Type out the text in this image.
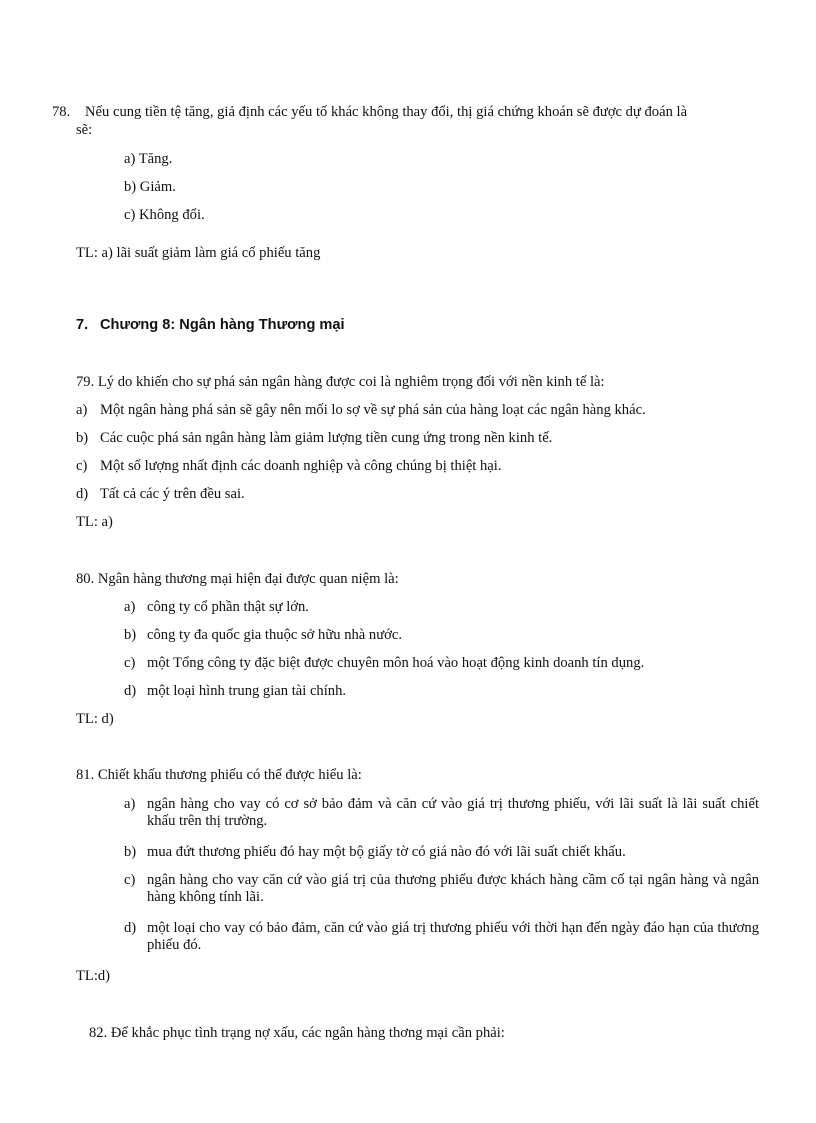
78. Nếu cung tiền tệ tăng, giả định các yếu tố khác không thay đổi, thị giá chứng khoán sẽ được dự đoán là
sẽ:
a) Tăng.
b) Giảm.
c) Không đổi.
TL: a) lãi suất giảm làm giá cổ phiếu tăng
7. Chương 8: Ngân hàng Thương mại
79. Lý do khiến cho sự phá sản ngân hàng được coi là nghiêm trọng đối với nền kinh tế là:
a) Một ngân hàng phá sản sẽ gây nên mối lo sợ về sự phá sản của hàng loạt các ngân hàng khác.
b) Các cuộc phá sản ngân hàng làm giảm lượng tiền cung ứng trong nền kinh tế.
c) Một số lượng nhất định các doanh nghiệp và công chúng bị thiệt hại.
d) Tất cả các ý trên đều sai.
TL: a)
80. Ngân hàng thương mại hiện đại được quan niệm là:
a) công ty cổ phần thật sự lớn.
b) công ty đa quốc gia thuộc sở hữu nhà nước.
c) một Tổng công ty đặc biệt được chuyên môn hoá vào hoạt động kinh doanh tín dụng.
d) một loại hình trung gian tài chính.
TL: d)
81. Chiết khấu thương phiếu có thể được hiểu là:
a) ngân hàng cho vay có cơ sở bảo đảm và căn cứ vào giá trị thương phiếu, với lãi suất là lãi suất chiết khấu trên thị trường.
b) mua đứt thương phiếu đó hay một bộ giấy tờ có giá nào đó với lãi suất chiết khấu.
c) ngân hàng cho vay căn cứ vào giá trị của thương phiếu được khách hàng cầm cố tại ngân hàng và ngân hàng không tính lãi.
d) một loại cho vay có bảo đảm, căn cứ vào giá trị thương phiếu với thời hạn đến ngày đáo hạn của thương phiếu đó.
TL:d)
82. Để khắc phục tình trạng nợ xấu, các ngân hàng thơng mại cần phải:
